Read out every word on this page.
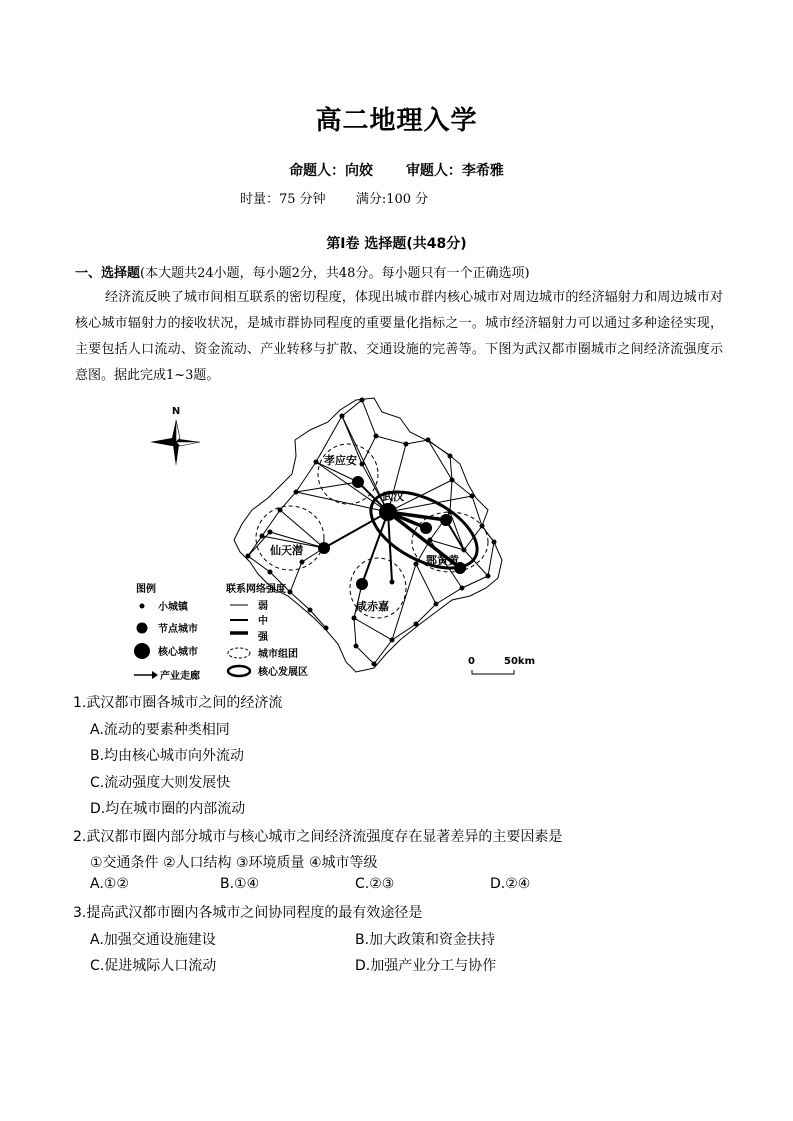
高二地理入学
命题人：向姣 审题人：李希雅
时量：75 分钟 满分:100 分
第Ⅰ卷 选择题(共48分)
一、选择题(本大题共24小题，每小题2分，共48分。每小题只有一个正确选项)
经济流反映了城市间相互联系的密切程度，体现出城市群内核心城市对周边城市的经济辐射力和周边城市对核心城市辐射力的接收状况，是城市群协同程度的重要量化指标之一。城市经济辐射力可以通过多种途径实现，主要包括人口流动、资金流动、产业转移与扩散、交通设施的完善等。下图为武汉都市圈城市之间经济流强度示意图。据此完成1~3题。
N
孝应安
武汉
仙天潜
鄂黄黄
咸赤嘉
图例
小城镇
节点城市
核心城市
产业走廊
联系网络强度
弱
中
强
城市组团
核心发展区
0	50km
1.武汉都市圈各城市之间的经济流
A.流动的要素种类相同
B.均由核心城市向外流动
C.流动强度大则发展快
D.均在城市圈的内部流动
2.武汉都市圈内部分城市与核心城市之间经济流强度存在显著差异的主要因素是
①交通条件 ②人口结构 ③环境质量 ④城市等级
A.①②	B.①④	C.②③	D.②④
3.提高武汉都市圈内各城市之间协同程度的最有效途径是
A.加强交通设施建设	B.加大政策和资金扶持
C.促进城际人口流动	D.加强产业分工与协作
